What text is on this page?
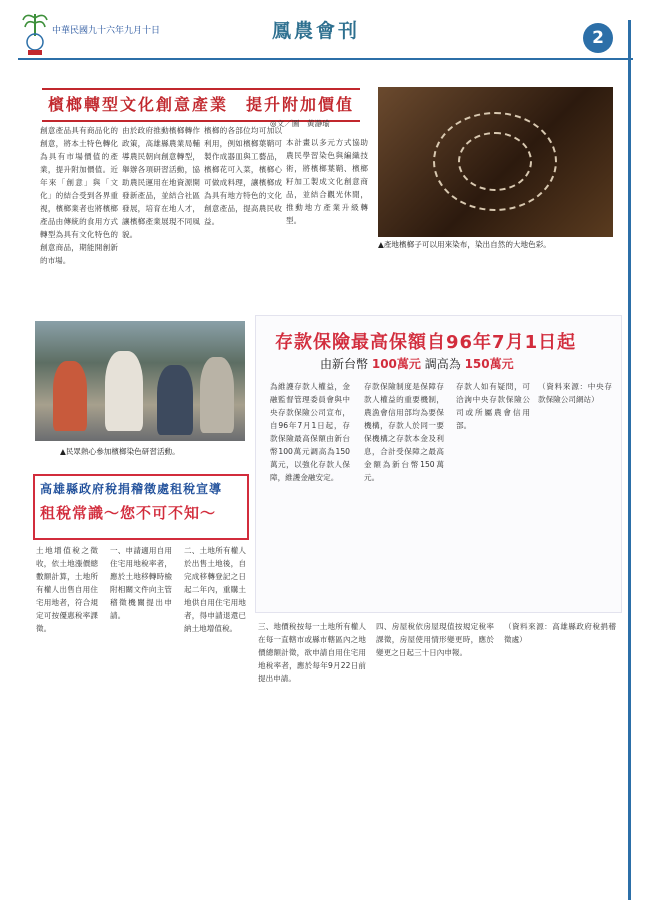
中華民國九十六年九月十日	鳳農會刊	2
檳榔轉型文化創意產業　提升附加價值
◎文／圖　黃瀞瑜
創意產品具有商品化的創意，將本土特色轉化為具有市場價值的產業，提升附加價值。近年來「創意」與「文化」的結合受到各界重視，檳榔業者也將檳榔產品由傳統的食用方式轉型為具有文化特色的創意商品，期能開創新的市場。
由於政府推動檳榔轉作政策，高雄縣農業局輔導農民朝向創意轉型，舉辦各項研習活動，協助農民運用在地資源開發新產品，並結合社區發展，培育在地人才，讓檳榔產業展現不同風貌。
檳榔的各部位均可加以利用，例如檳榔葉鞘可製作成器皿與工藝品，檳榔花可入菜，檳榔心可做成料理，讓檳榔成為具有地方特色的文化創意產品，提高農民收益。
本計畫以多元方式協助農民學習染色與編織技術，將檳榔葉鞘、檳榔籽加工製成文化創意商品，並結合觀光休閒，推動地方產業升級轉型。
▲產地檳榔子可以用來染布，染出自然的大地色彩。
▲民眾熱心參加檳榔染色研習活動。
存款保險最高保額自96年7月1日起
由新台幣 100萬元 調高為 150萬元
為維護存款人權益，金融監督管理委員會與中央存款保險公司宣布，自96年7月1日起，存款保險最高保額由新台幣100萬元調高為150萬元，以強化存款人保障，維護金融安定。
存款保險制度是保障存款人權益的重要機制，農漁會信用部均為要保機構，存款人於同一要保機構之存款本金及利息，合計受保障之最高金額為新台幣150萬元。
存款人如有疑問，可洽詢中央存款保險公司或所屬農會信用部。
（資料來源：中央存款保險公司網站）
高雄縣政府稅捐稽徵處租稅宣導
租稅常識～您不可不知～
土地增值稅之徵收，依土地漲價總數額計算，土地所有權人出售自用住宅用地者，符合規定可按優惠稅率課徵。
一、申請適用自用住宅用地稅率者，應於土地移轉時檢附相關文件向主管稽徵機關提出申請。
二、土地所有權人於出售土地後，自完成移轉登記之日起二年內，重購土地供自用住宅用地者，得申請退還已納土地增值稅。	三、地價稅按每一土地所有權人在每一直轄市或縣市轄區內之地價總額計徵，欲申請自用住宅用地稅率者，應於每年9月22日前提出申請。
四、房屋稅依房屋現值按規定稅率課徵，房屋使用情形變更時，應於變更之日起三十日內申報。
（資料來源：高雄縣政府稅捐稽徵處）
